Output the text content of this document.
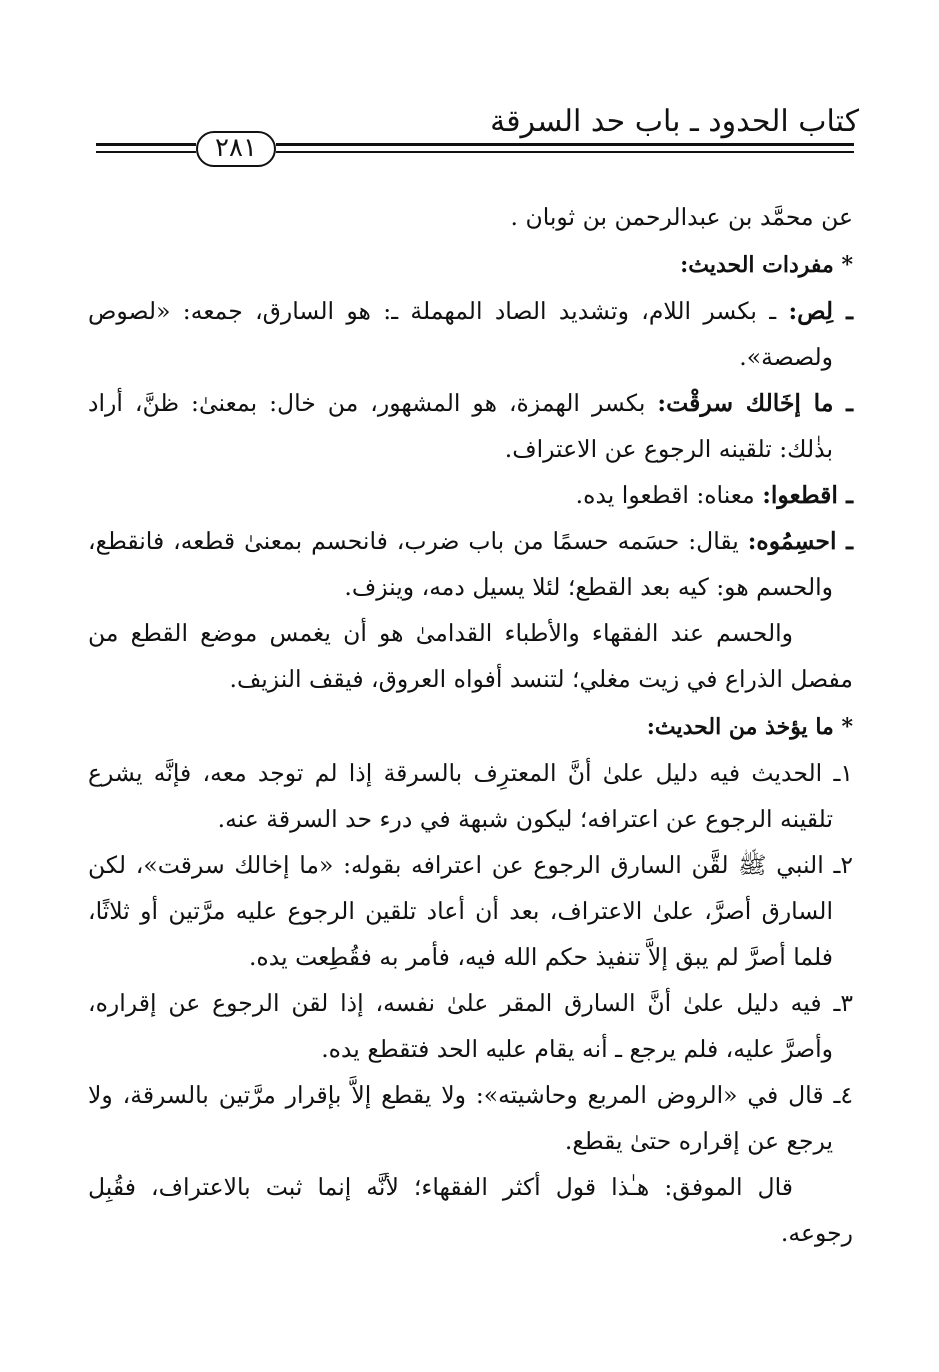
كتاب الحدود ـ باب حد السرقة
٢٨١

عن محمَّد بن عبدالرحمن بن ثوبان .

* مفردات الحديث:

ـ لِص: ـ بكسر اللام، وتشديد الصاد المهملة ـ: هو السارق، جمعه: «لصوص ولصصة».

ـ ما إخَالك سرقْت: بكسر الهمزة، هو المشهور، من خال: بمعنىٰ: ظنَّ، أراد بذٰلك: تلقينه الرجوع عن الاعتراف.

ـ اقطعوا: معناه: اقطعوا يده.

ـ احسِمُوه: يقال: حسَمه حسمًا من باب ضرب، فانحسم بمعنىٰ قطعه، فانقطع، والحسم هو: كيه بعد القطع؛ لئلا يسيل دمه، وينزف.

والحسم عند الفقهاء والأطباء القدامىٰ هو أن يغمس موضع القطع من مفصل الذراع في زيت مغلي؛ لتنسد أفواه العروق، فيقف النزيف.

* ما يؤخذ من الحديث:

١ـ الحديث فيه دليل علىٰ أنَّ المعترِف بالسرقة إذا لم توجد معه، فإنَّه يشرع تلقينه الرجوع عن اعترافه؛ ليكون شبهة في درء حد السرقة عنه.

٢ـ النبي ﷺ لقَّن السارق الرجوع عن اعترافه بقوله: «ما إخالك سرقت»، لكن السارق أصرَّ، علىٰ الاعتراف، بعد أن أعاد تلقين الرجوع عليه مرَّتين أو ثلاثًا، فلما أصرَّ لم يبق إلاَّ تنفيذ حكم الله فيه، فأمر به فقُطِعت يده.

٣ـ فيه دليل علىٰ أنَّ السارق المقر علىٰ نفسه، إذا لقن الرجوع عن إقراره، وأصرَّ عليه، فلم يرجع ـ أنه يقام عليه الحد فتقطع يده.

٤ـ قال في «الروض المربع وحاشيته»: ولا يقطع إلاَّ بإقرار مرَّتين بالسرقة، ولا يرجع عن إقراره حتىٰ يقطع.

قال الموفق: هـٰذا قول أكثر الفقهاء؛ لأنَّه إنما ثبت بالاعتراف، فقُبِل رجوعه.
